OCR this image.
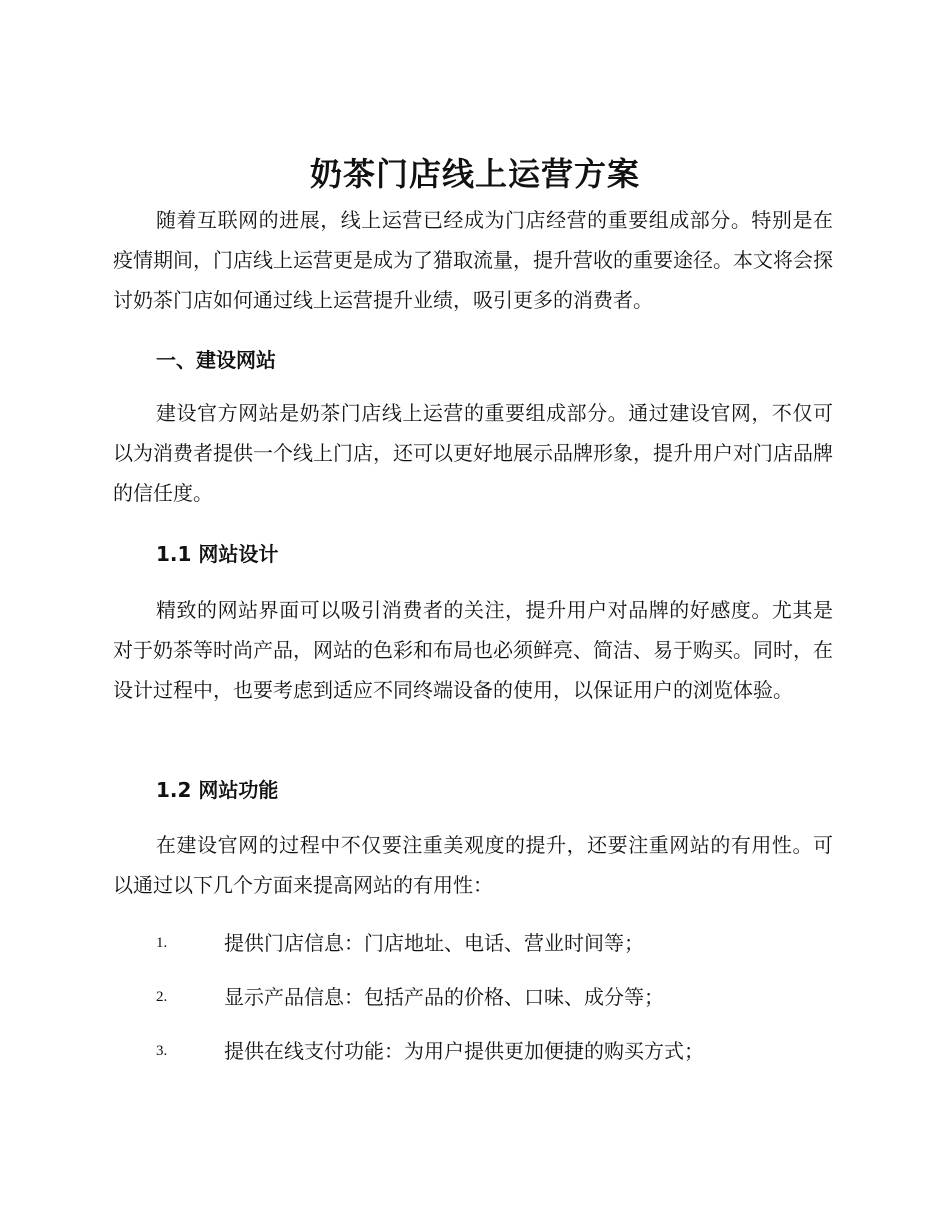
奶茶门店线上运营方案

随着互联网的进展，线上运营已经成为门店经营的重要组成部分。特别是在疫情期间，门店线上运营更是成为了猎取流量，提升营收的重要途径。本文将会探讨奶茶门店如何通过线上运营提升业绩，吸引更多的消费者。

一、建设网站

建设官方网站是奶茶门店线上运营的重要组成部分。通过建设官网，不仅可以为消费者提供一个线上门店，还可以更好地展示品牌形象，提升用户对门店品牌的信任度。

1.1 网站设计

精致的网站界面可以吸引消费者的关注，提升用户对品牌的好感度。尤其是对于奶茶等时尚产品，网站的色彩和布局也必须鲜亮、简洁、易于购买。同时，在设计过程中，也要考虑到适应不同终端设备的使用，以保证用户的浏览体验。

1.2 网站功能

在建设官网的过程中不仅要注重美观度的提升，还要注重网站的有用性。可以通过以下几个方面来提高网站的有用性：

1.	提供门店信息：门店地址、电话、营业时间等；
2.	显示产品信息：包括产品的价格、口味、成分等；
3.	提供在线支付功能：为用户提供更加便捷的购买方式；
